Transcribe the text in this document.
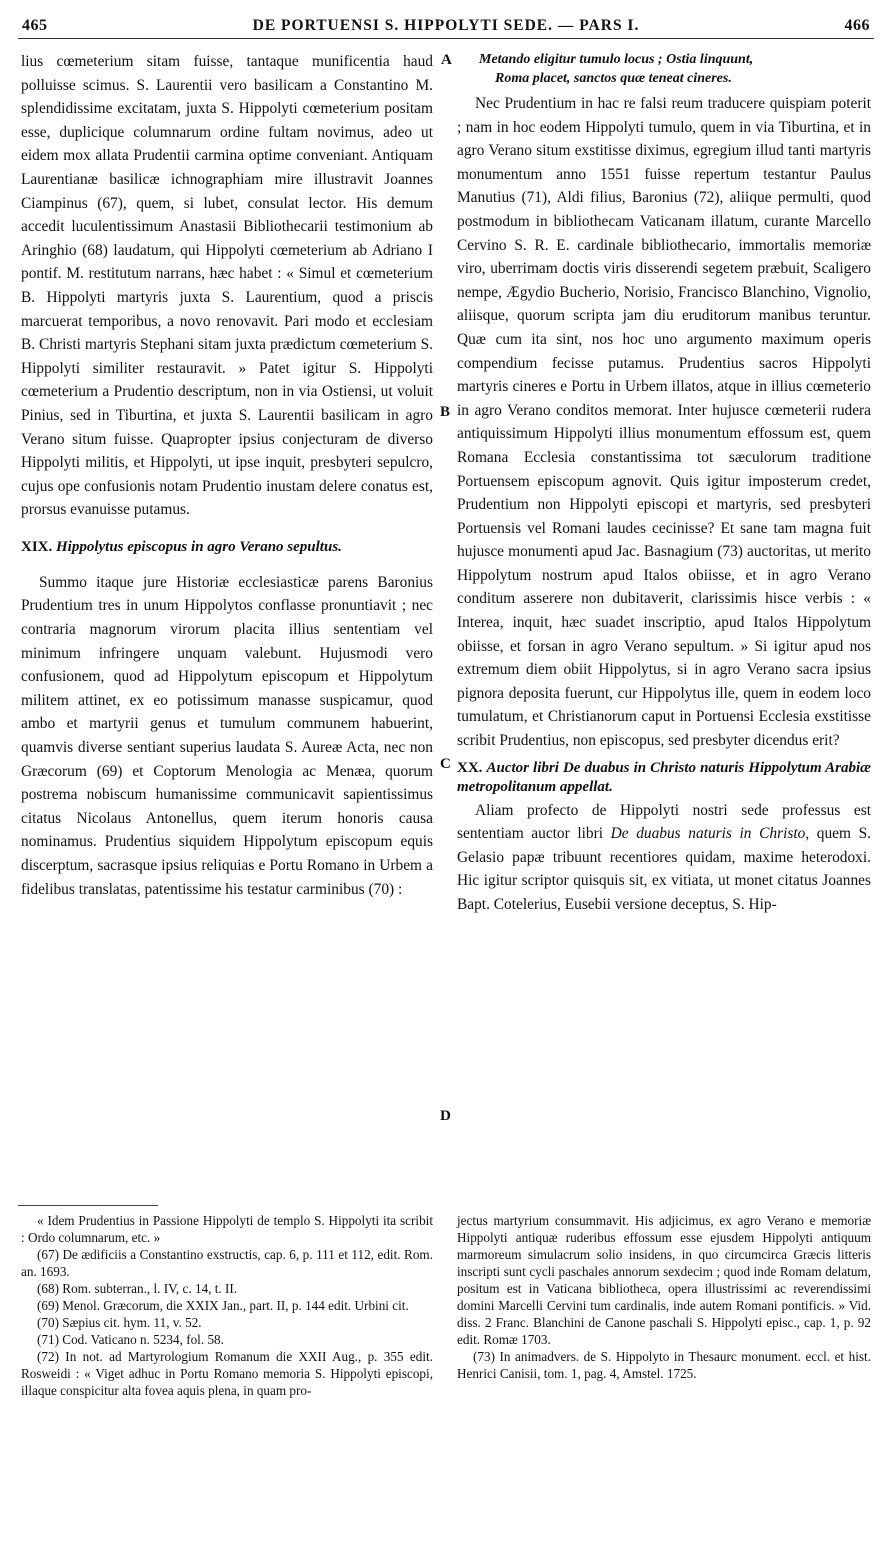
465	DE PORTUENSI S. HIPPOLYTI SEDE. — PARS I.	466

lius cœmeterium sitam fuisse, tantaque munificentia haud polluisse scimus. S. Laurentii vero basilicam a Constantino M. splendidissime excitatam, juxta S. Hippolyti cœmeterium positam esse, duplicique columnarum ordine fultam novimus, adeo ut eidem mox allata Prudentii carmina optime conveniant. Antiquam Laurentianæ basilicæ ichnographiam mire illustravit Joannes Ciampinus (67), quem, si lubet, consulat lector. His demum accedit luculentissimum Anastasii Bibliothecarii testimonium ab Aringhio (68) laudatum, qui Hippolyti cœmeterium ab Adriano I pontif. M. restitutum narrans, hæc habet : « Simul et cœmeterium B. Hippolyti martyris juxta S. Laurentium, quod a priscis marcuerat temporibus, a novo renovavit. Pari modo et ecclesiam B. Christi martyris Stephani sitam juxta prædictum cœmeterium S. Hippolyti similiter restauravit. » Patet igitur S. Hippolyti cœmeterium a Prudentio descriptum, non in via Ostiensi, ut voluit Pinius, sed in Tiburtina, et juxta S. Laurentii basilicam in agro Verano situm fuisse. Quapropter ipsius conjecturam de diverso Hippolyti militis, et Hippolyti, ut ipse inquit, presbyteri sepulcro, cujus ope confusionis notam Prudentio inustam delere conatus est, prorsus evanuisse putamus.

XIX. Hippolytus episcopus in agro Verano sepultus.

Summo itaque jure Historiæ ecclesiasticæ parens Baronius Prudentium tres in unum Hippolytos conflasse pronuntiavit ; nec contraria magnorum virorum placita illius sententiam vel minimum infringere unquam valebunt. Hujusmodi vero confusionem, quod ad Hippolytum episcopum et Hippolytum militem attinet, ex eo potissimum manasse suspicamur, quod ambo et martyrii genus et tumulum communem habuerint, quamvis diverse sentiant superius laudata S. Aureæ Acta, nec non Græcorum (69) et Coptorum Menologia ac Menæa, quorum postrema nobiscum humanissime communicavit sapientissimus citatus Nicolaus Antonellus, quem iterum honoris causa nominamus. Prudentius siquidem Hippolytum episcopum equis discerptum, sacrasque ipsius reliquias e Portu Romano in Urbem a fidelibus translatas, patentissime his testatur carminibus (70) :

Metando eligitur tumulo locus ; Ostia linquunt,
Roma placet, sanctos quæ teneat cineres.

Nec Prudentium in hac re falsi reum traducere quispiam poterit ; nam in hoc eodem Hippolyti tumulo, quem in via Tiburtina, et in agro Verano situm exstitisse diximus, egregium illud tanti martyris monumentum anno 1551 fuisse repertum testantur Paulus Manutius (71), Aldi filius, Baronius (72), aliique permulti, quod postmodum in bibliothecam Vaticanam illatum, curante Marcello Cervino S. R. E. cardinale bibliothecario, immortalis memoriæ viro, uberrimam doctis viris disserendi segetem præbuit, Scaligero nempe, Ægydio Bucherio, Norisio, Francisco Blanchino, Vignolio, aliisque, quorum scripta jam diu eruditorum manibus teruntur. Quæ cum ita sint, nos hoc uno argumento maximum operis compendium fecisse putamus. Prudentius sacros Hippolyti martyris cineres e Portu in Urbem illatos, atque in illius cœmeterio in agro Verano conditos memorat. Inter hujusce cœmeterii rudera antiquissimum Hippolyti illius monumentum effossum est, quem Romana Ecclesia constantissima tot sæculorum traditione Portuensem episcopum agnovit. Quis igitur imposterum credet, Prudentium non Hippolyti episcopi et martyris, sed presbyteri Portuensis vel Romani laudes cecinisse? Et sane tam magna fuit hujusce monumenti apud Jac. Basnagium (73) auctoritas, ut merito Hippolytum nostrum apud Italos obiisse, et in agro Verano conditum asserere non dubitaverit, clarissimis hisce verbis : « Interea, inquit, hæc suadet inscriptio, apud Italos Hippolytum obiisse, et forsan in agro Verano sepultum. » Si igitur apud nos extremum diem obiit Hippolytus, si in agro Verano sacra ipsius pignora deposita fuerunt, cur Hippolytus ille, quem in eodem loco tumulatum, et Christianorum caput in Portuensi Ecclesia exstitisse scribit Prudentius, non episcopus, sed presbyter dicendus erit?

XX. Auctor libri De duabus in Christo naturis Hippolytum Arabiæ metropolitanum appellat.

Aliam profecto de Hippolyti nostri sede professus est sententiam auctor libri De duabus naturis in Christo, quem S. Gelasio papæ tribuunt recentiores quidam, maxime heterodoxi. Hic igitur scriptor quisquis sit, ex vitiata, ut monet citatus Joannes Bapt. Cotelerius, Eusebii versione deceptus, S. Hip-

A
B
C
D

« Idem Prudentius in Passione Hippolyti de templo S. Hippolyti ita scribit : Ordo columnarum, etc. »

(67) De ædificiis a Constantino exstructis, cap. 6, p. 111 et 112, edit. Rom. an. 1693.

(68) Rom. subterran., l. IV, c. 14, t. II.

(69) Menol. Græcorum, die XXIX Jan., part. II, p. 144 edit. Urbini cit.

(70) Sæpius cit. hym. 11, v. 52.

(71) Cod. Vaticano n. 5234, fol. 58.

(72) In not. ad Martyrologium Romanum die XXII Aug., p. 355 edit. Rosweidi : « Viget adhuc in Portu Romano memoria S. Hippolyti episcopi, illaque conspicitur alta fovea aquis plena, in quam pro-

jectus martyrium consummavit. His adjicimus, ex agro Verano e memoriæ Hippolyti antiquæ ruderibus effossum esse ejusdem Hippolyti antiquum marmoreum simulacrum solio insidens, in quo circumcirca Græcis litteris inscripti sunt cycli paschales annorum sexdecim ; quod inde Romam delatum, positum est in Vaticana bibliotheca, opera illustrissimi ac reverendissimi domini Marcelli Cervini tum cardinalis, inde autem Romani pontificis. » Vid. diss. 2 Franc. Blanchini de Canone paschali S. Hippolyti episc., cap. 1, p. 92 edit. Romæ 1703.

(73) In animadvers. de S. Hippolyto in Thesaurc monument. eccl. et hist. Henrici Canisii, tom. 1, pag. 4, Amstel. 1725.
